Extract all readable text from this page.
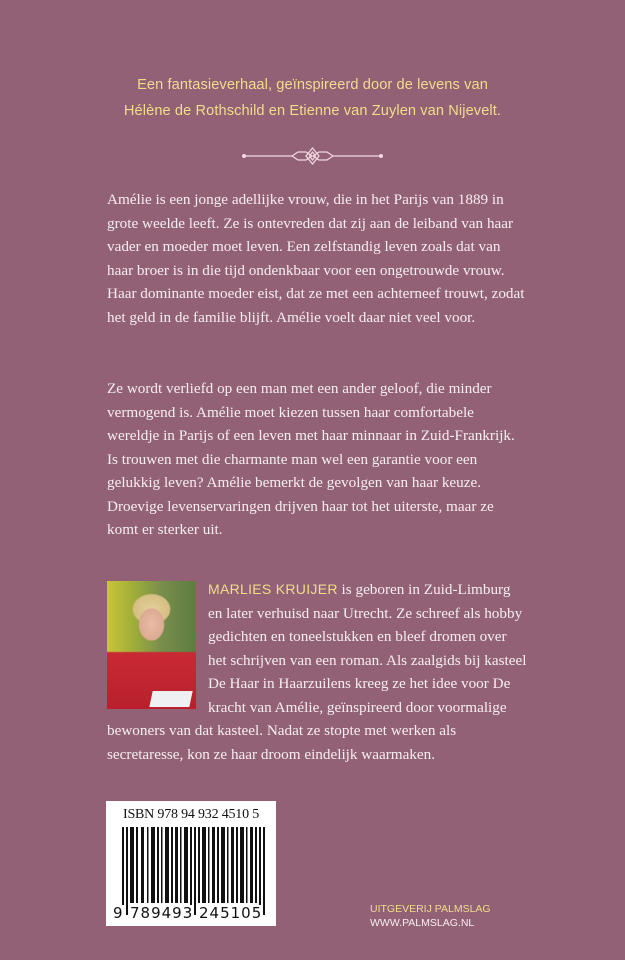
Een fantasieverhaal, geïnspireerd door de levens van
Hélène de Rothschild en Etienne van Zuylen van Nijevelt.
Amélie is een jonge adellijke vrouw, die in het Parijs van 1889 in grote weelde leeft. Ze is ontevreden dat zij aan de leiband van haar vader en moeder moet leven. Een zelfstandig leven zoals dat van haar broer is in die tijd ondenkbaar voor een ongetrouwde vrouw. Haar dominante moeder eist, dat ze met een achterneef trouwt, zodat het geld in de familie blijft. Amélie voelt daar niet veel voor.
Ze wordt verliefd op een man met een ander geloof, die minder vermogend is. Amélie moet kiezen tussen haar comfortabele wereldje in Parijs of een leven met haar minnaar in Zuid-Frankrijk. Is trouwen met die charmante man wel een garantie voor een gelukkig leven? Amélie bemerkt de gevolgen van haar keuze. Droevige levenservaringen drijven haar tot het uiterste, maar ze komt er sterker uit.
MARLIES KRUIJER is geboren in Zuid-Limburg en later verhuisd naar Utrecht. Ze schreef als hobby gedichten en toneelstukken en bleef dromen over het schrijven van een roman. Als zaalgids bij kasteel De Haar in Haarzuilens kreeg ze het idee voor De kracht van Amélie, geïnspireerd door voormalige bewoners van dat kasteel. Nadat ze stopte met werken als secretaresse, kon ze haar droom eindelijk waarmaken.
ISBN 978 94 932 4510 5
9 789493 245105	UITGEVERIJ PALMSLAG
WWW.PALMSLAG.NL
